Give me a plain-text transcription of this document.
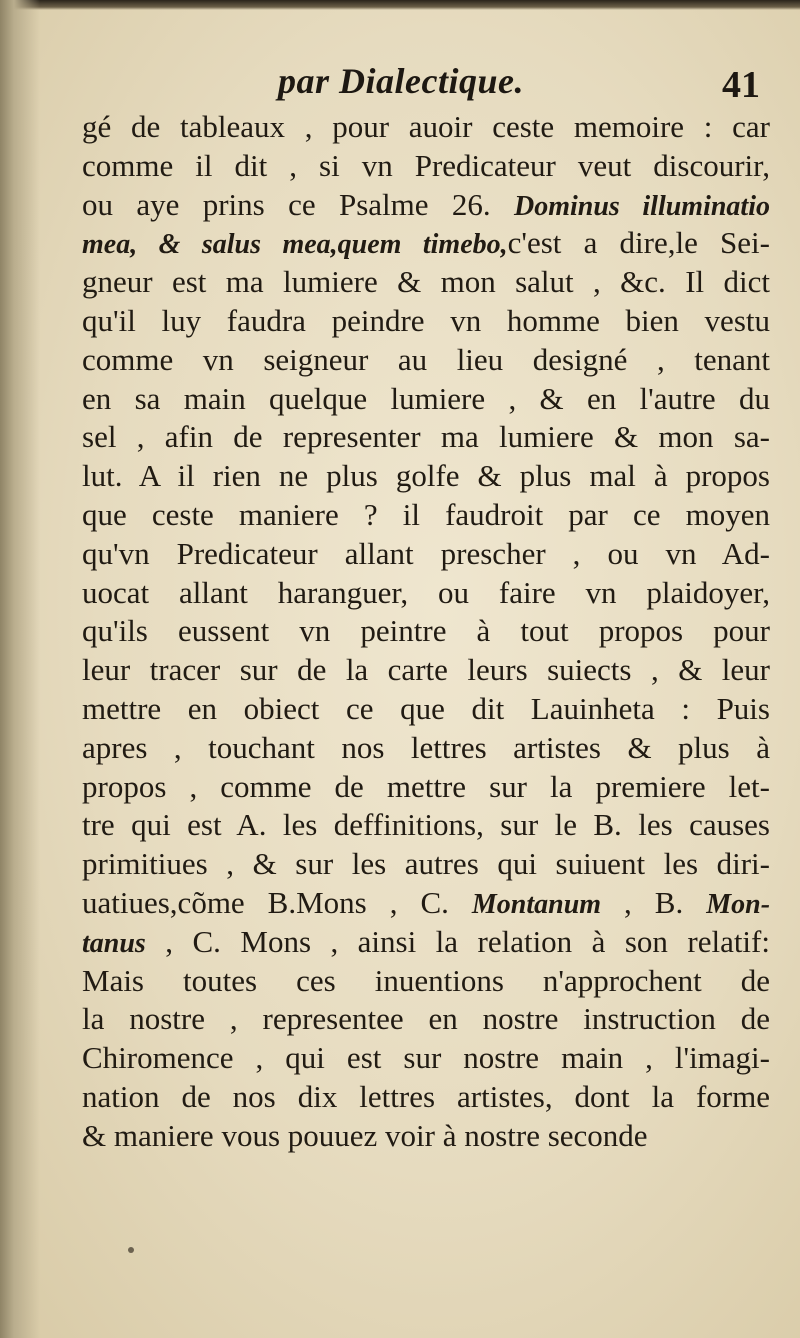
par Dialectique.	41
gé de tableaux , pour auoir ceste memoire : car
comme il dit , si vn Predicateur veut discourir,
ou aye prins ce Psalme 26. Dominus illuminatio
mea, & salus mea,quem timebo,c'est a dire,le Sei-
gneur est ma lumiere & mon salut , &c. Il dict
qu'il luy faudra peindre vn homme bien vestu
comme vn seigneur au lieu designé , tenant
en sa main quelque lumiere , & en l'autre du
sel , afin de representer ma lumiere & mon sa-
lut. A il rien ne plus golfe & plus mal à propos
que ceste maniere ? il faudroit par ce moyen
qu'vn Predicateur allant prescher , ou vn Ad-
uocat allant haranguer, ou faire vn plaidoyer,
qu'ils eussent vn peintre à tout propos pour
leur tracer sur de la carte leurs suiects , & leur
mettre en obiect ce que dit Lauinheta : Puis
apres , touchant nos lettres artistes & plus à
propos , comme de mettre sur la premiere let-
tre qui est A. les deffinitions, sur le B. les causes
primitiues , & sur les autres qui suiuent les diri-
uatiues,cõme B.Mons , C. Montanum , B. Mon-
tanus , C. Mons , ainsi la relation à son relatif:
Mais toutes ces inuentions n'approchent de
la nostre , representee en nostre instruction de
Chiromence , qui est sur nostre main , l'imagi-
nation de nos dix lettres artistes, dont la forme
& maniere vous pouuez voir à nostre seconde
